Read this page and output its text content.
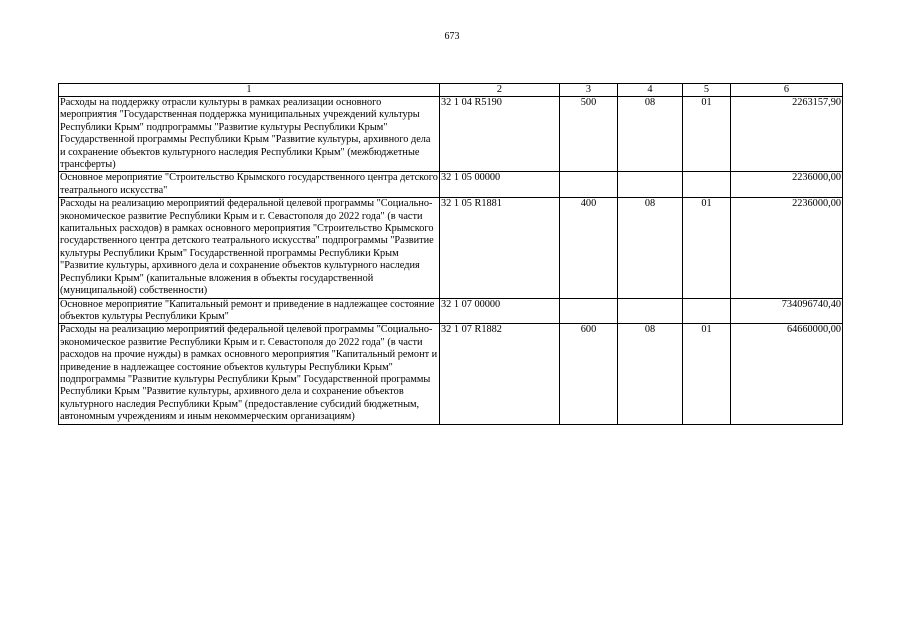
673
1	2	3	4	5	6
Расходы на поддержку отрасли культуры в рамках реализации основного мероприятия "Государственная поддержка муниципальных учреждений культуры Республики Крым" подпрограммы "Развитие культуры Республики Крым" Государственной программы Республики Крым "Развитие культуры, архивного дела и сохранение объектов культурного наследия Республики Крым" (межбюджетные трансферты)	32 1 04 R5190	500	08	01	2263157,90
Основное мероприятие "Строительство Крымского государственного центра детского театрального искусства"	32 1 05 00000				2236000,00
Расходы на реализацию мероприятий федеральной целевой программы "Социально-экономическое развитие Республики Крым и г. Севастополя до 2022 года" (в части капитальных расходов) в рамках основного мероприятия "Строительство Крымского государственного центра детского театрального искусства" подпрограммы "Развитие культуры Республики Крым" Государственной программы Республики Крым "Развитие культуры, архивного дела и сохранение объектов культурного наследия Республики Крым" (капитальные вложения в объекты государственной (муниципальной) собственности)	32 1 05 R1881	400	08	01	2236000,00
Основное мероприятие "Капитальный ремонт и приведение в надлежащее состояние объектов культуры Республики Крым"	32 1 07 00000				734096740,40
Расходы на реализацию мероприятий федеральной целевой программы "Социально-экономическое развитие Республики Крым и г. Севастополя до 2022 года" (в части расходов на прочие нужды) в рамках основного мероприятия "Капитальный ремонт и приведение в надлежащее состояние объектов культуры Республики Крым" подпрограммы "Развитие культуры Республики Крым" Государственной программы Республики Крым "Развитие культуры, архивного дела и сохранение объектов культурного наследия Республики Крым" (предоставление субсидий бюджетным, автономным учреждениям и иным некоммерческим организациям)	32 1 07 R1882	600	08	01	64660000,00
